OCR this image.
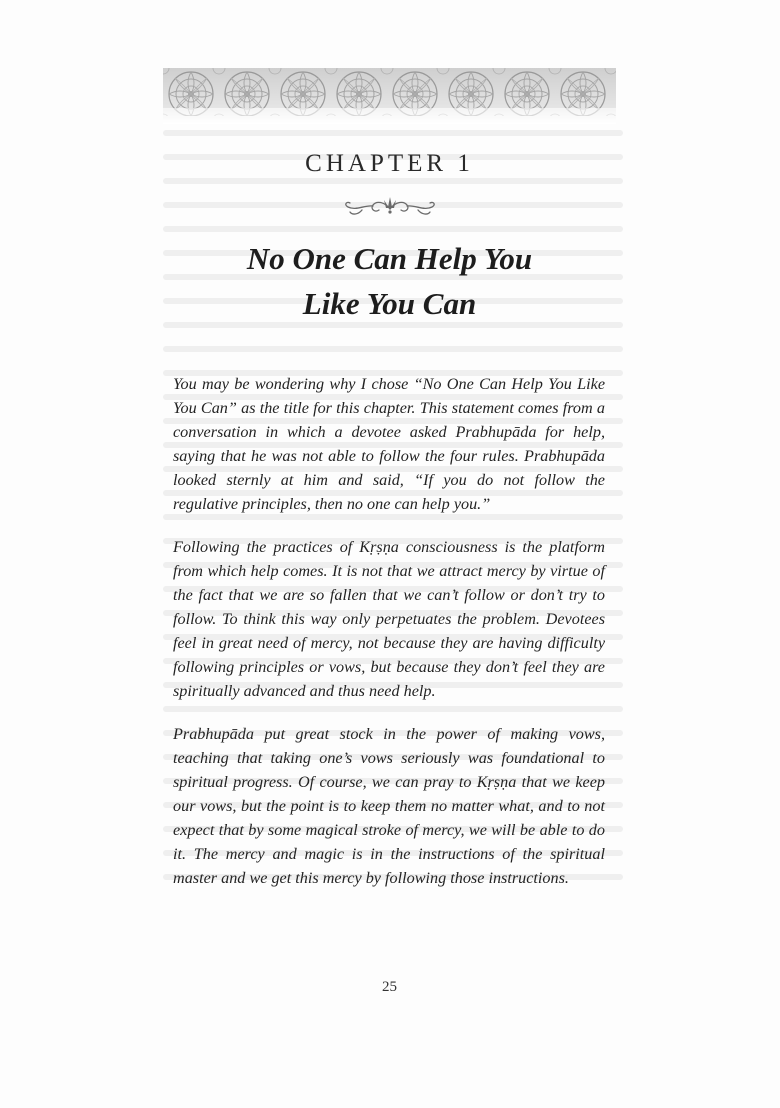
CHAPTER 1
No One Can Help You
Like You Can

You may be wondering why I chose “No One Can Help You Like You Can” as the title for this chapter. This statement comes from a conversation in which a devotee asked Prabhupāda for help, saying that he was not able to follow the four rules. Prabhupāda looked sternly at him and said, “If you do not follow the regulative principles, then no one can help you.”

Following the practices of Kṛṣṇa consciousness is the platform from which help comes. It is not that we attract mercy by virtue of the fact that we are so fallen that we can’t follow or don’t try to follow. To think this way only perpetuates the problem. Devotees feel in great need of mercy, not because they are having difficulty following principles or vows, but because they don’t feel they are spiritually advanced and thus need help.

Prabhupāda put great stock in the power of making vows, teaching that taking one’s vows seriously was foundational to spiritual progress. Of course, we can pray to Kṛṣṇa that we keep our vows, but the point is to keep them no matter what, and to not expect that by some magical stroke of mercy, we will be able to do it. The mercy and magic is in the instructions of the spiritual master and we get this mercy by following those instructions.

25
